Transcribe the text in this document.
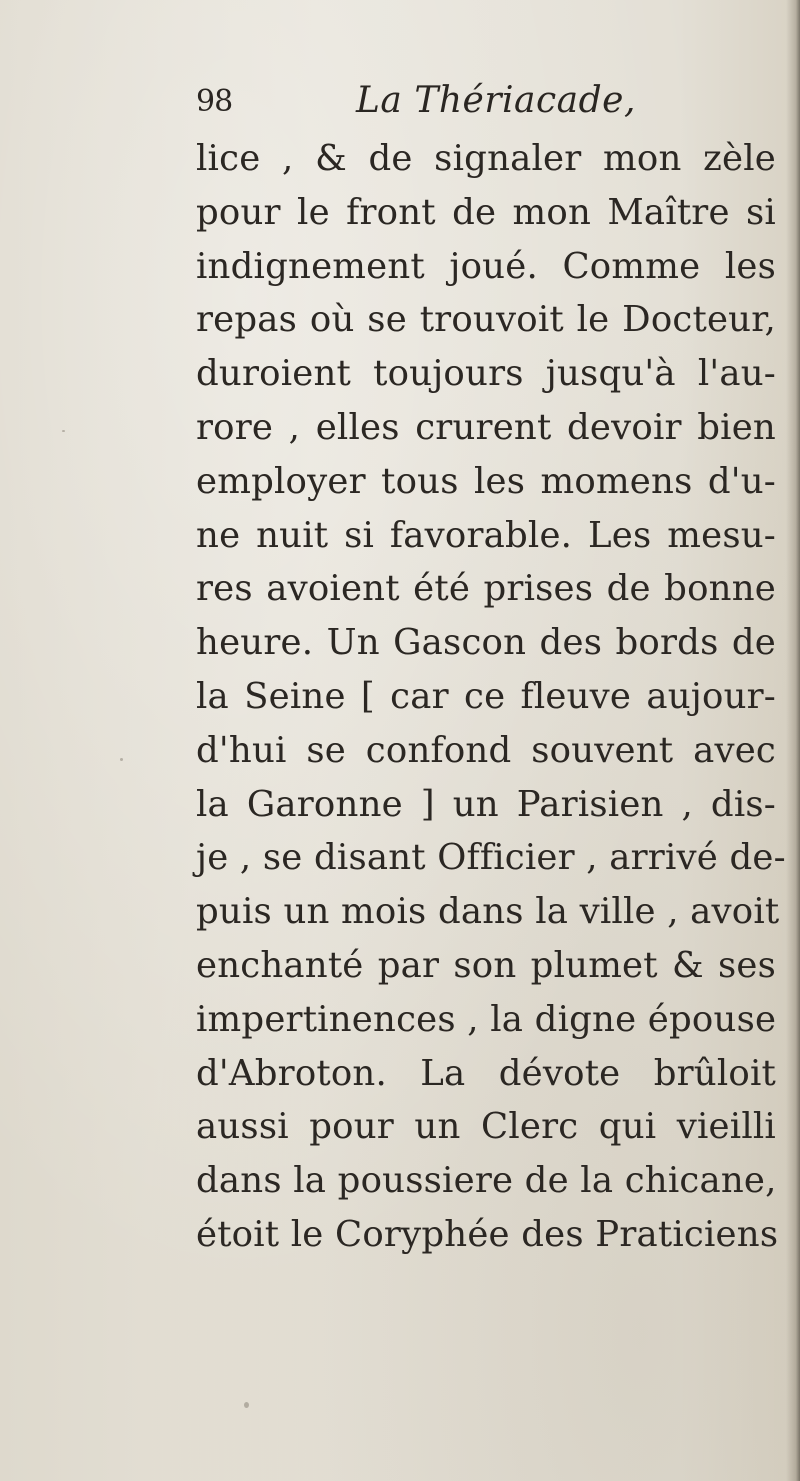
98	La Thériacade,
lice , & de signaler mon zèle
pour le front de mon Maître si
indignement joué. Comme les
repas où se trouvoit le Docteur,
duroient toujours jusqu'à l'au-
rore , elles crurent devoir bien
employer tous les momens d'u-
ne nuit si favorable. Les mesu-
res avoient été prises de bonne
heure. Un Gascon des bords de
la Seine [ car ce fleuve aujour-
d'hui se confond souvent avec
la Garonne ] un Parisien , dis-
je , se disant Officier , arrivé de-
puis un mois dans la ville , avoit
enchanté par son plumet & ses
impertinences , la digne épouse
d'Abroton. La dévote brûloit
aussi pour un Clerc qui vieilli
dans la poussiere de la chicane,
étoit le Coryphée des Praticiens
